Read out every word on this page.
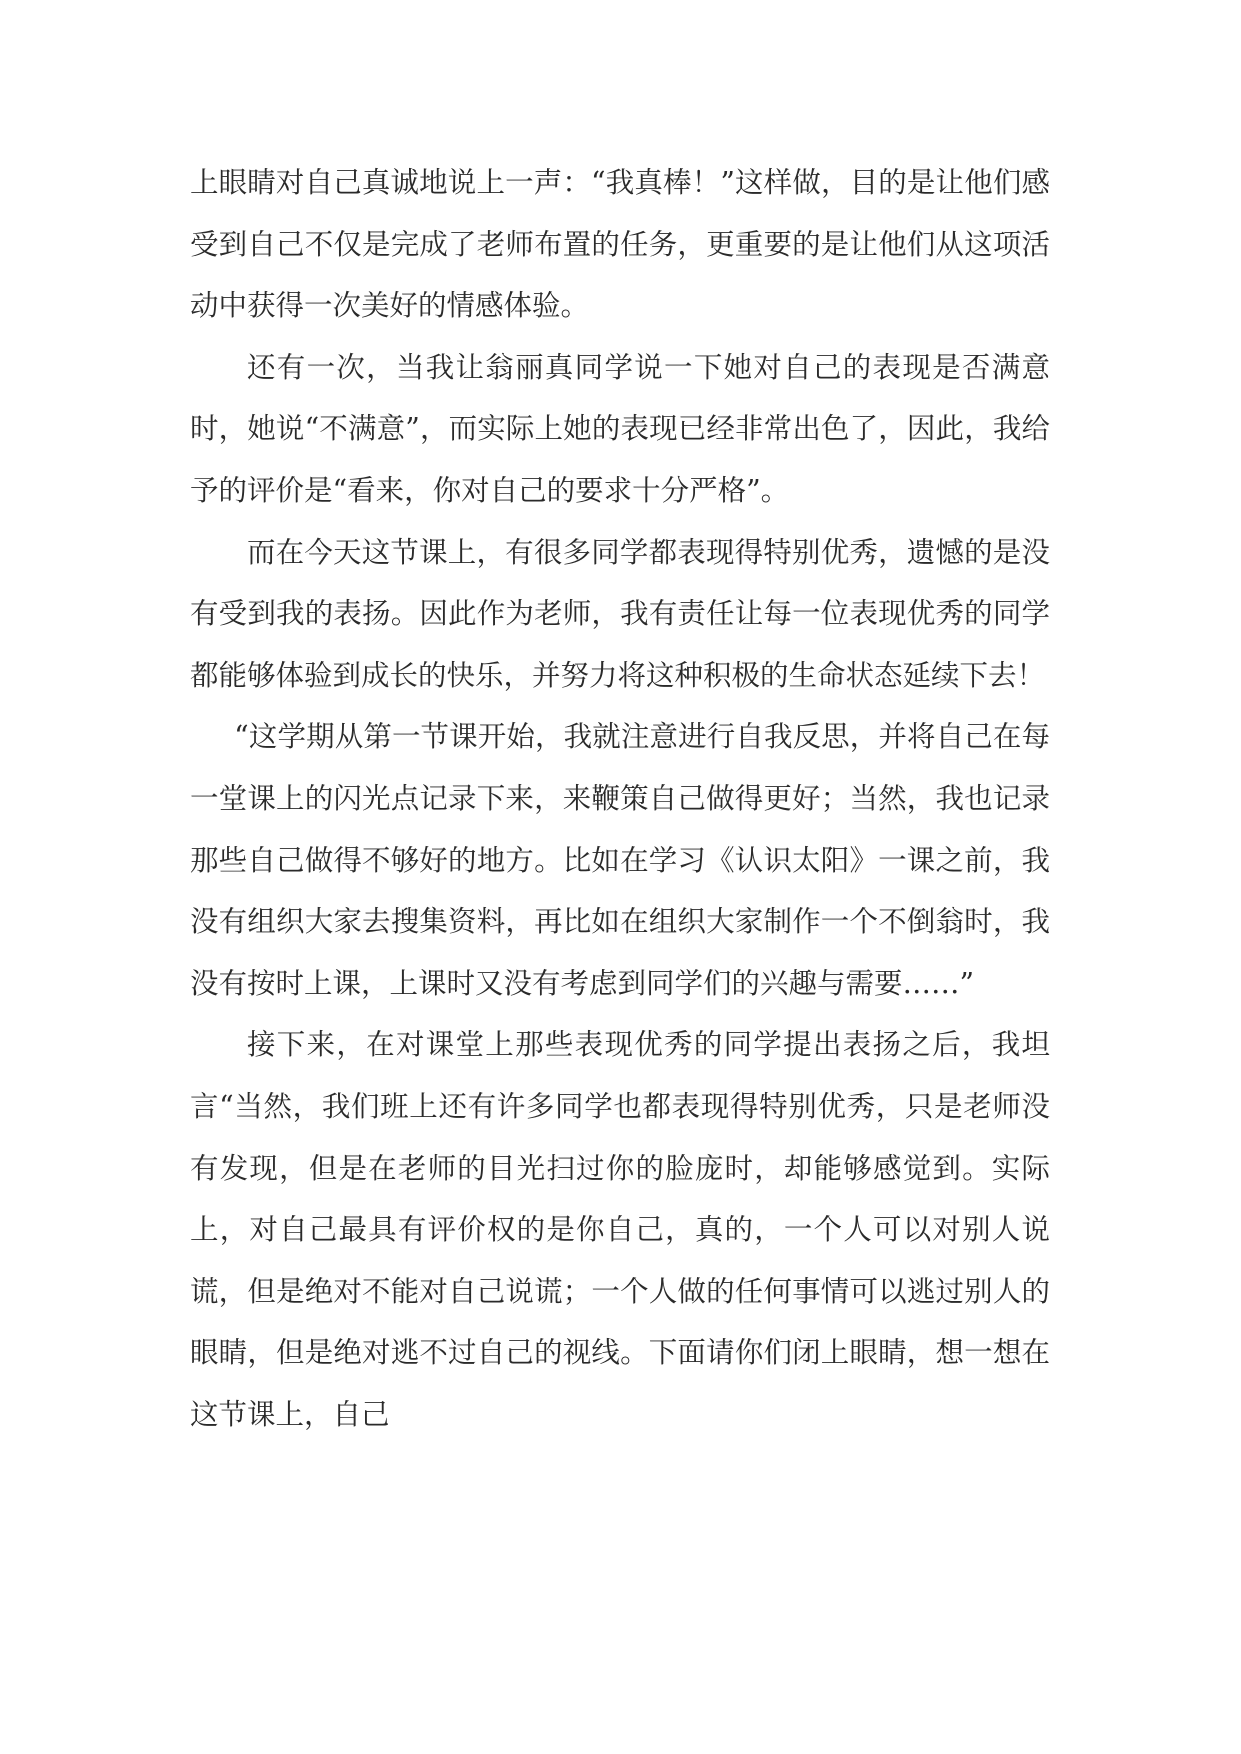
上眼睛对自己真诚地说上一声：“我真棒！”这样做，目的是让他们感受到自己不仅是完成了老师布置的任务，更重要的是让他们从这项活动中获得一次美好的情感体验。

还有一次，当我让翁丽真同学说一下她对自己的表现是否满意时，她说“不满意”，而实际上她的表现已经非常出色了，因此，我给予的评价是“看来，你对自己的要求十分严格”。

而在今天这节课上，有很多同学都表现得特别优秀，遗憾的是没有受到我的表扬。因此作为老师，我有责任让每一位表现优秀的同学都能够体验到成长的快乐，并努力将这种积极的生命状态延续下去！

“这学期从第一节课开始，我就注意进行自我反思，并将自己在每一堂课上的闪光点记录下来，来鞭策自己做得更好；当然，我也记录那些自己做得不够好的地方。比如在学习《认识太阳》一课之前，我没有组织大家去搜集资料，再比如在组织大家制作一个不倒翁时，我没有按时上课，上课时又没有考虑到同学们的兴趣与需要……”

接下来，在对课堂上那些表现优秀的同学提出表扬之后，我坦言“当然，我们班上还有许多同学也都表现得特别优秀，只是老师没有发现，但是在老师的目光扫过你的脸庞时，却能够感觉到。实际上，对自己最具有评价权的是你自己，真的，一个人可以对别人说谎，但是绝对不能对自己说谎；一个人做的任何事情可以逃过别人的眼睛，但是绝对逃不过自己的视线。下面请你们闭上眼睛，想一想在这节课上，自己
